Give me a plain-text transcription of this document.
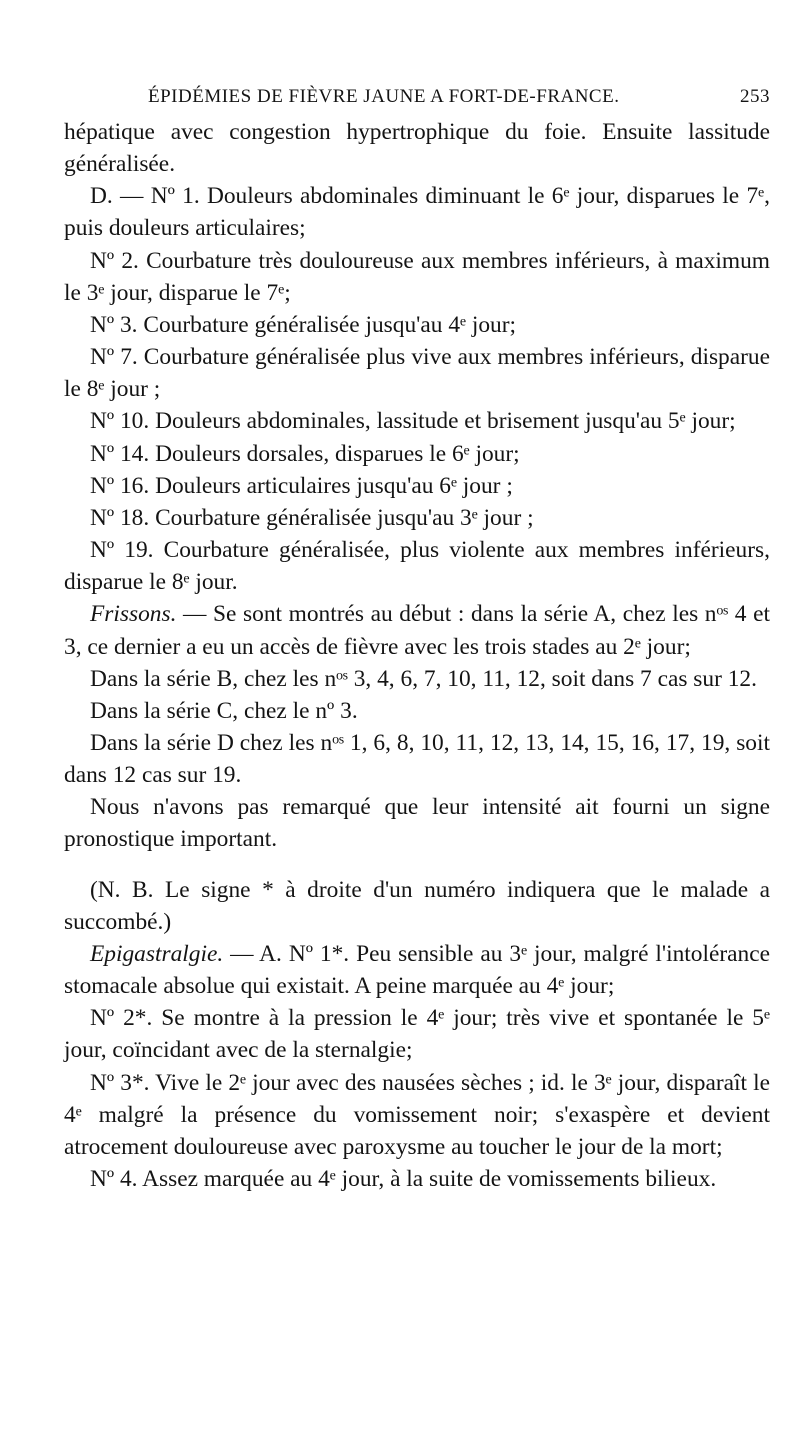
ÉPIDÉMIES DE FIÈVRE JAUNE A FORT-DE-FRANCE.	253

hépatique avec congestion hypertrophique du foie. Ensuite lassitude généralisée.

D. — Nº 1. Douleurs abdominales diminuant le 6ᵉ jour, disparues le 7ᵉ, puis douleurs articulaires;

Nº 2. Courbature très douloureuse aux membres inférieurs, à maximum le 3ᵉ jour, disparue le 7ᵉ;

Nº 3. Courbature généralisée jusqu'au 4ᵉ jour;

Nº 7. Courbature généralisée plus vive aux membres inférieurs, disparue le 8ᵉ jour ;

Nº 10. Douleurs abdominales, lassitude et brisement jusqu'au 5ᵉ jour;

Nº 14. Douleurs dorsales, disparues le 6ᵉ jour;

Nº 16. Douleurs articulaires jusqu'au 6ᵉ jour ;

Nº 18. Courbature généralisée jusqu'au 3ᵉ jour ;

Nº 19. Courbature généralisée, plus violente aux membres inférieurs, disparue le 8ᵉ jour.

Frissons. — Se sont montrés au début : dans la série A, chez les nᵒˢ 4 et 3, ce dernier a eu un accès de fièvre avec les trois stades au 2ᵉ jour;

Dans la série B, chez les nᵒˢ 3, 4, 6, 7, 10, 11, 12, soit dans 7 cas sur 12.

Dans la série C, chez le nº 3.

Dans la série D chez les nᵒˢ 1, 6, 8, 10, 11, 12, 13, 14, 15, 16, 17, 19, soit dans 12 cas sur 19.

Nous n'avons pas remarqué que leur intensité ait fourni un signe pronostique important.

(N. B. Le signe * à droite d'un numéro indiquera que le malade a succombé.)

Epigastralgie. — A. Nº 1*. Peu sensible au 3ᵉ jour, malgré l'intolérance stomacale absolue qui existait. A peine marquée au 4ᵉ jour;

Nº 2*. Se montre à la pression le 4ᵉ jour; très vive et spontanée le 5ᵉ jour, coïncidant avec de la sternalgie;

Nº 3*. Vive le 2ᵉ jour avec des nausées sèches ; id. le 3ᵉ jour, disparaît le 4ᵉ malgré la présence du vomissement noir; s'exaspère et devient atrocement douloureuse avec paroxysme au toucher le jour de la mort;

Nº 4. Assez marquée au 4ᵉ jour, à la suite de vomissements bilieux.
